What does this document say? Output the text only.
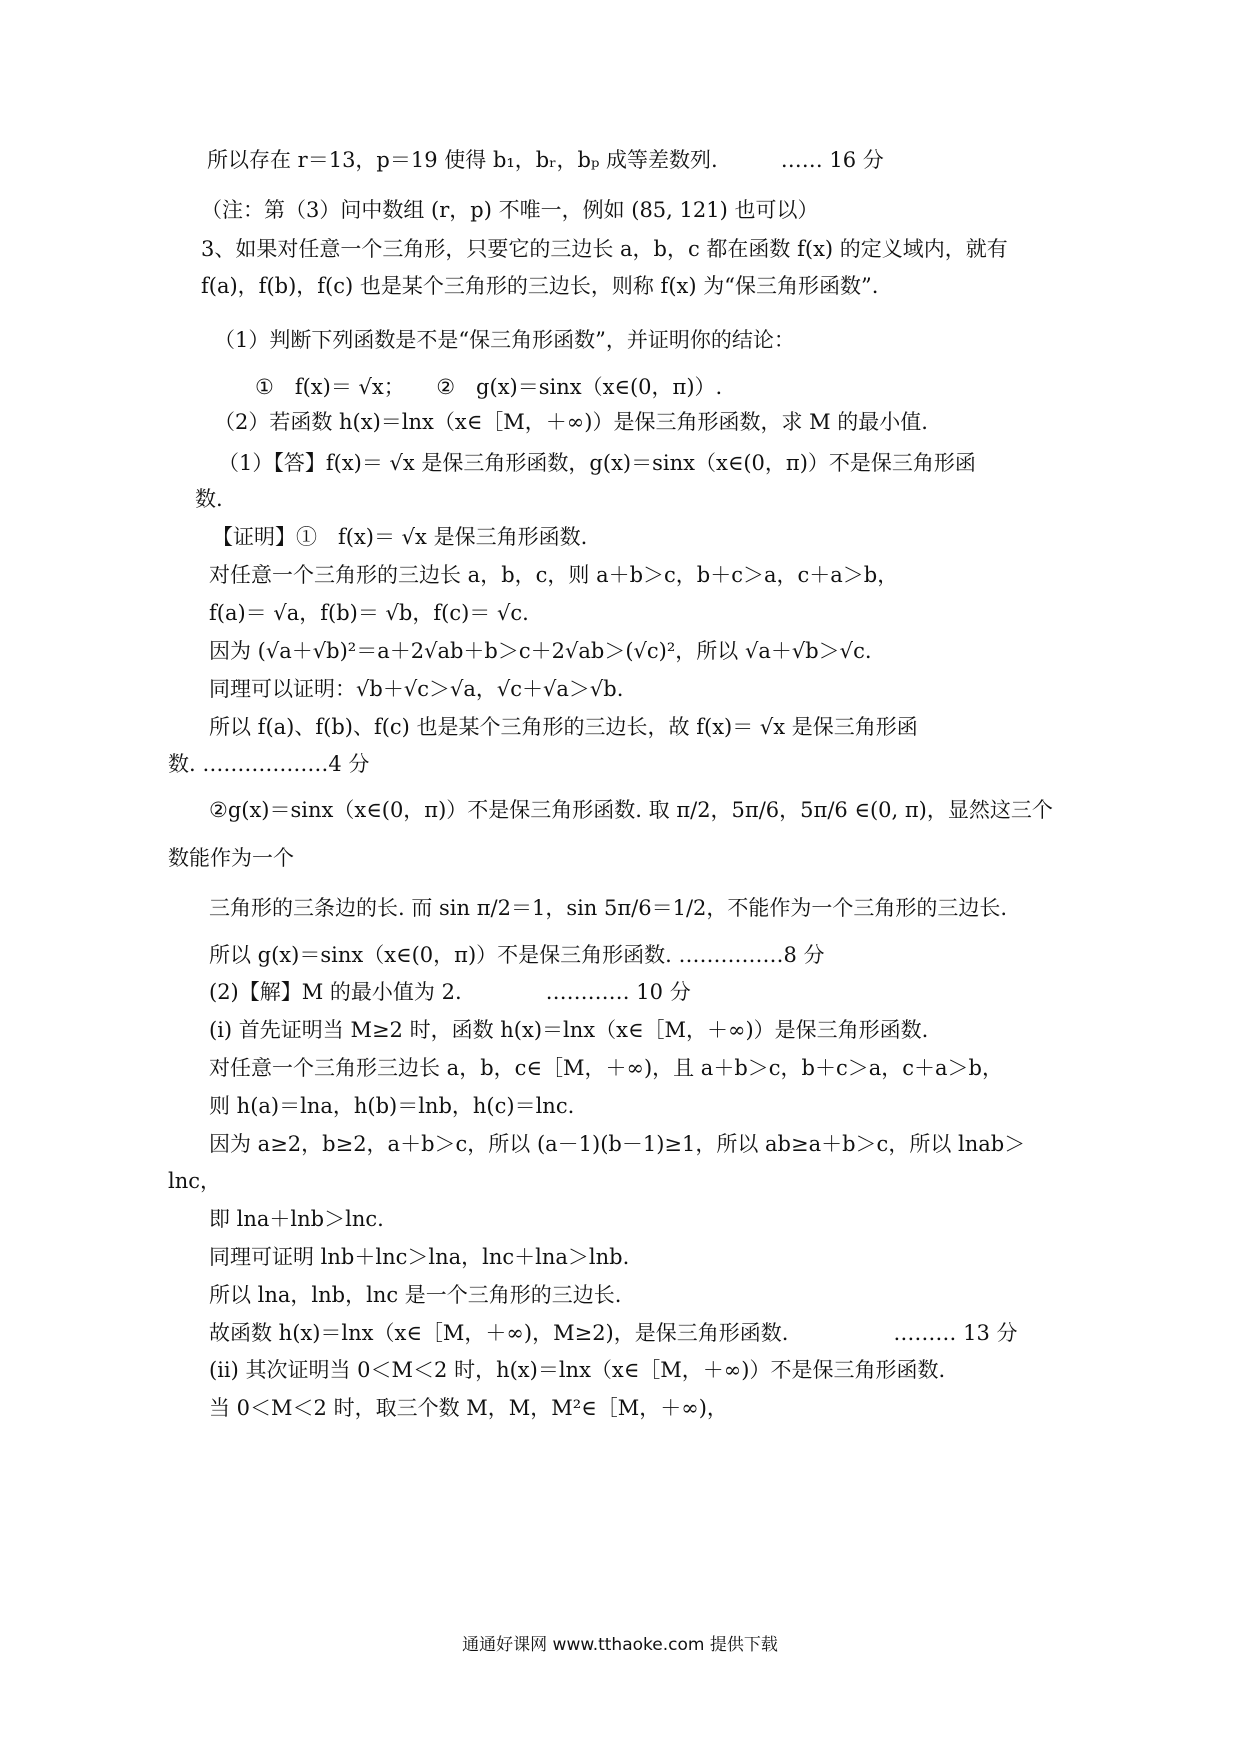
所以存在 r＝13，p＝19 使得 b₁，bᵣ，bₚ 成等差数列.　　　…… 16 分
（注：第（3）问中数组 (r，p) 不唯一，例如 (85, 121) 也可以）
3、如果对任意一个三角形，只要它的三边长 a，b，c 都在函数 f(x) 的定义域内，就有
f(a)，f(b)，f(c) 也是某个三角形的三边长，则称 f(x) 为“保三角形函数”.
（1）判断下列函数是不是“保三角形函数”，并证明你的结论：
①　f(x)＝ √x；　　②　g(x)＝sinx（x∈(0，π)）.
（2）若函数 h(x)＝lnx（x∈［M，＋∞)）是保三角形函数，求 M 的最小值.
（1）【答】f(x)＝ √x 是保三角形函数，g(x)＝sinx（x∈(0，π)）不是保三角形函
数.
【证明】①　f(x)＝ √x 是保三角形函数.
对任意一个三角形的三边长 a，b，c，则 a＋b＞c，b＋c＞a，c＋a＞b，
f(a)＝ √a，f(b)＝ √b，f(c)＝ √c.
因为 (√a＋√b)²＝a＋2√ab＋b＞c＋2√ab＞(√c)²，所以 √a＋√b＞√c.
同理可以证明：√b＋√c＞√a，√c＋√a＞√b.
所以 f(a)、f(b)、f(c) 也是某个三角形的三边长，故 f(x)＝ √x 是保三角形函
数. ………………4 分
②g(x)＝sinx（x∈(0，π)）不是保三角形函数. 取 π/2，5π/6，5π/6 ∈(0, π)，显然这三个
数能作为一个
三角形的三条边的长. 而 sin π/2＝1，sin 5π/6＝1/2，不能作为一个三角形的三边长.
所以 g(x)＝sinx（x∈(0，π)）不是保三角形函数. ……………8 分
(2)【解】M 的最小值为 2.　　　　………… 10 分
(i) 首先证明当 M≥2 时，函数 h(x)＝lnx（x∈［M，＋∞)）是保三角形函数.
对任意一个三角形三边长 a，b，c∈［M，＋∞)，且 a＋b＞c，b＋c＞a，c＋a＞b，
则 h(a)＝lna，h(b)＝lnb，h(c)＝lnc.
因为 a≥2，b≥2，a＋b＞c，所以 (a－1)(b－1)≥1，所以 ab≥a＋b＞c，所以 lnab＞
lnc，
即 lna＋lnb＞lnc.
同理可证明 lnb＋lnc＞lna，lnc＋lna＞lnb.
所以 lna，lnb，lnc 是一个三角形的三边长.
故函数 h(x)＝lnx（x∈［M，＋∞)，M≥2)，是保三角形函数.　　　　　……… 13 分
(ii) 其次证明当 0＜M＜2 时，h(x)＝lnx（x∈［M，＋∞)）不是保三角形函数.
当 0＜M＜2 时，取三个数 M，M，M²∈［M，＋∞)，
通通好课网 www.tthaoke.com 提供下载
